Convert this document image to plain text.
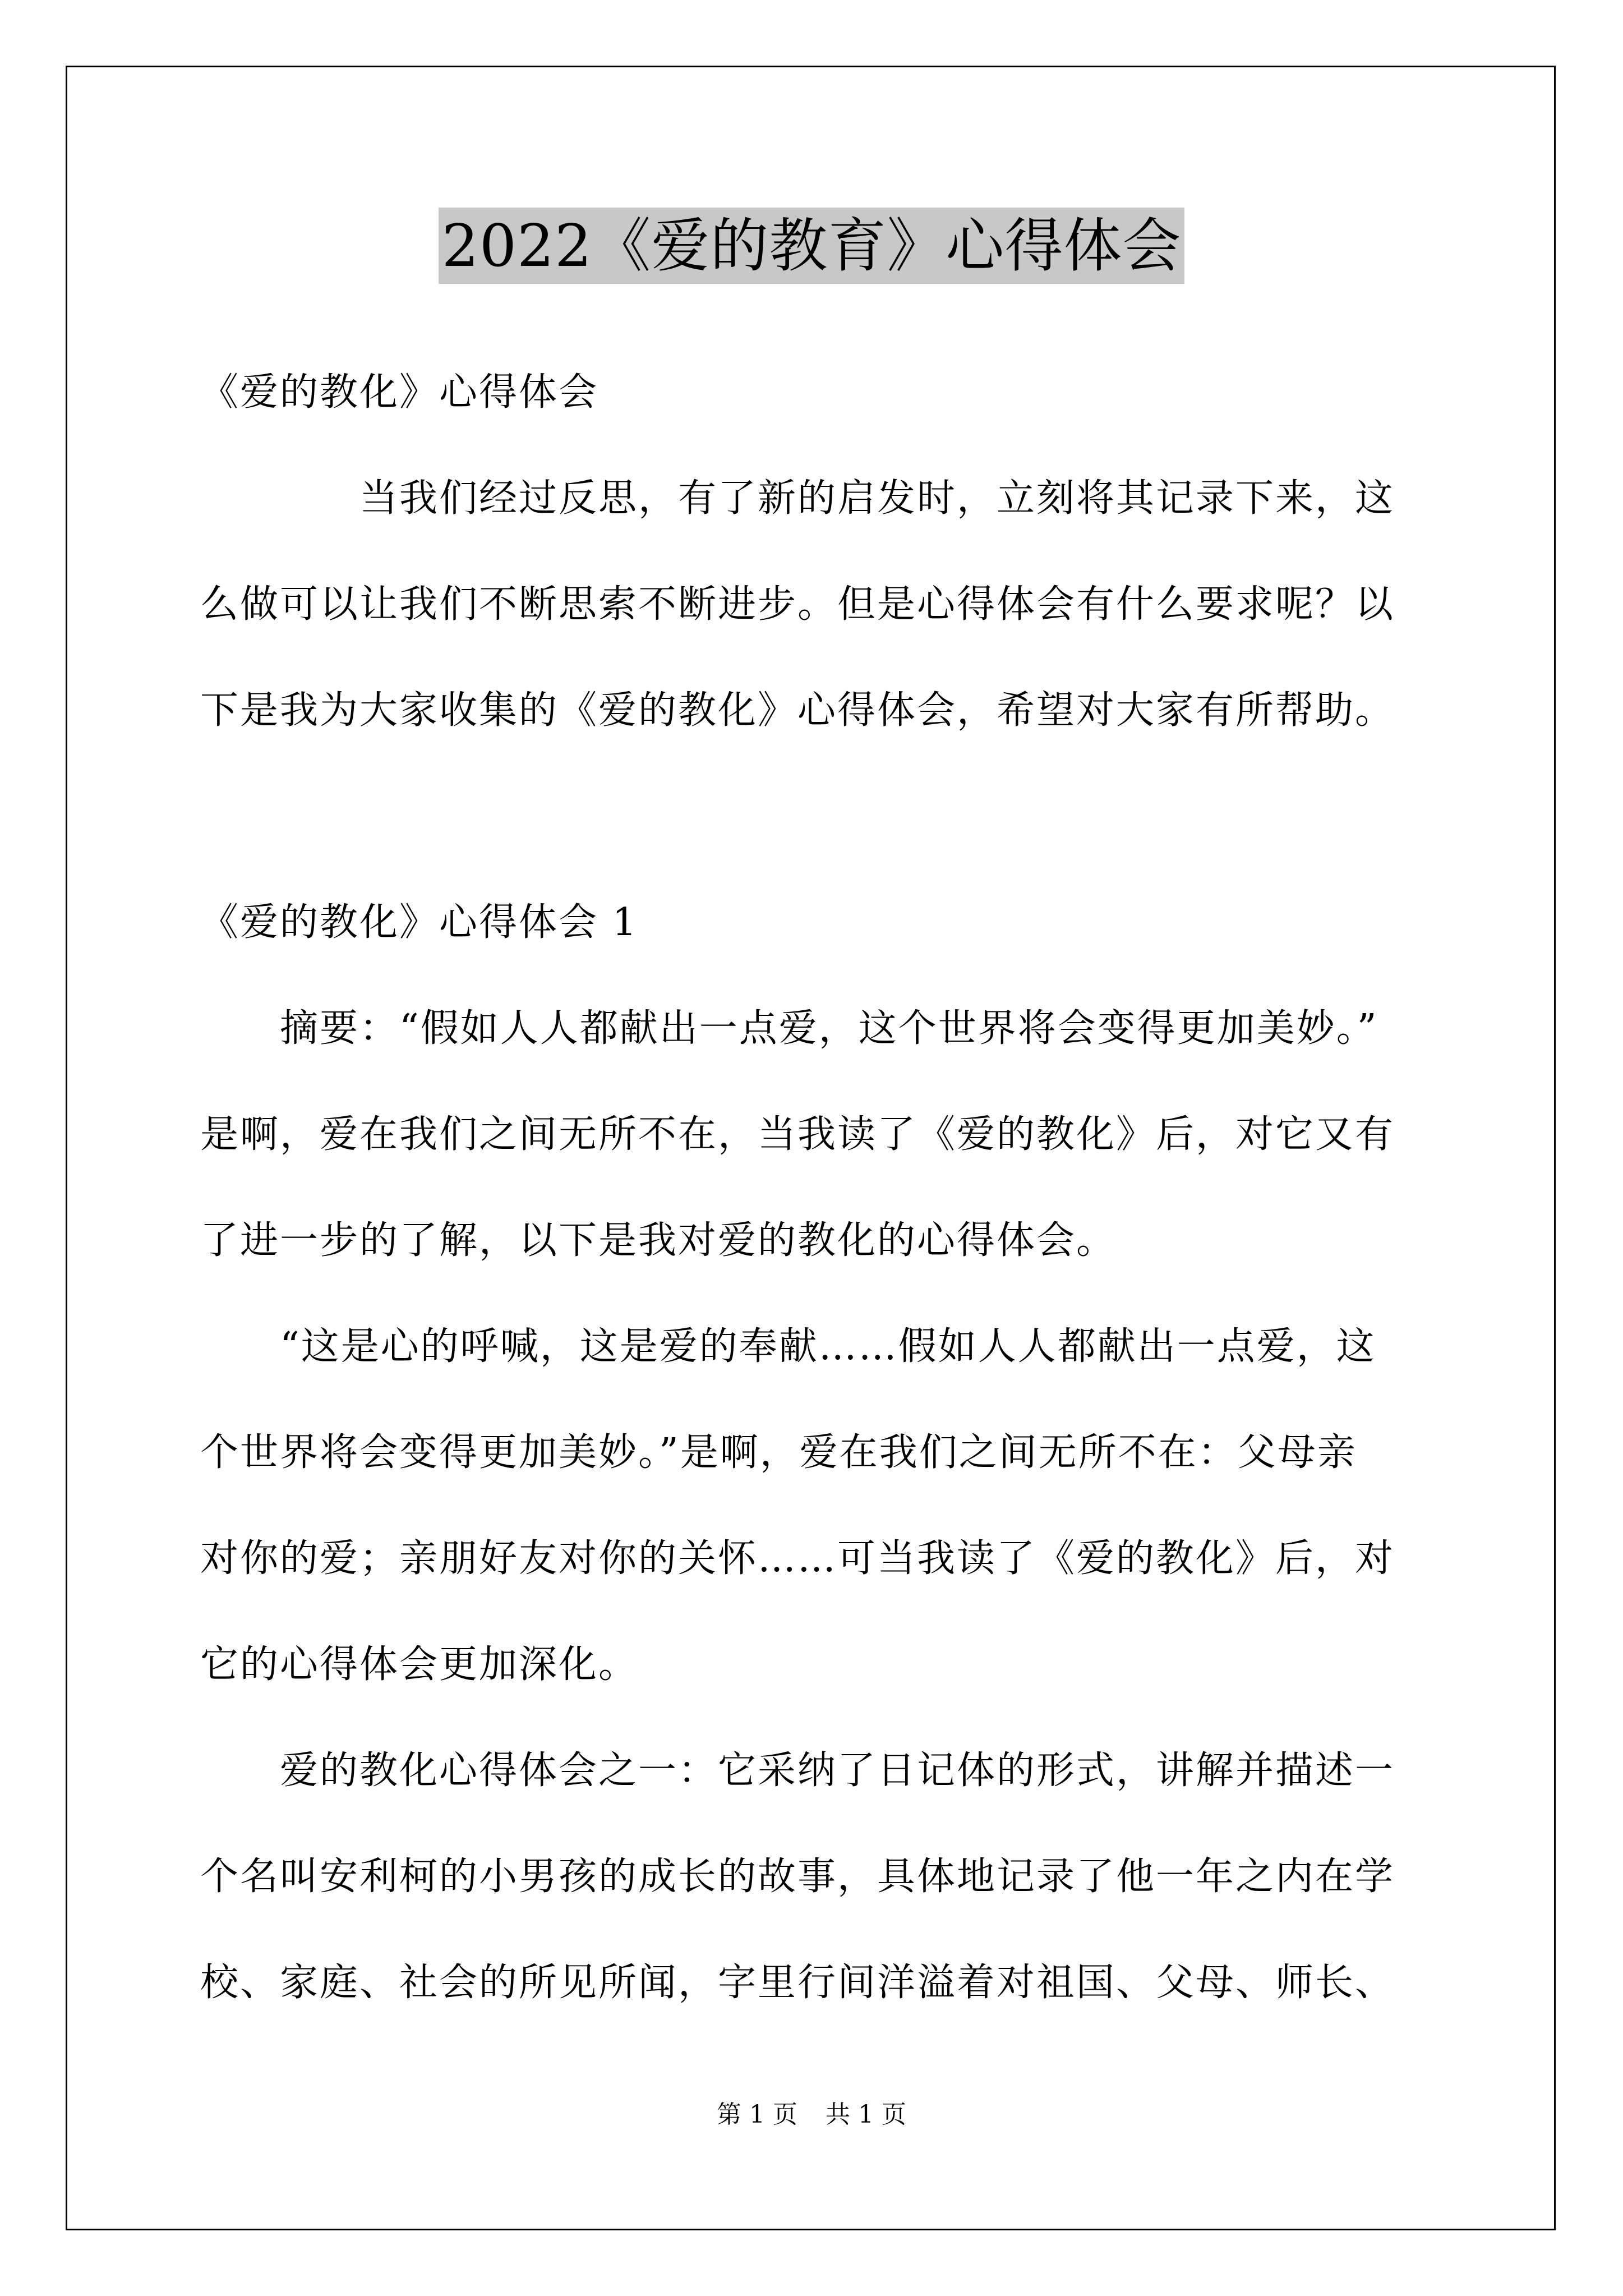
2022《爱的教育》心得体会
《爱的教化》心得体会
　　　　当我们经过反思，有了新的启发时，立刻将其记录下来，这
么做可以让我们不断思索不断进步。但是心得体会有什么要求呢？以
下是我为大家收集的《爱的教化》心得体会，希望对大家有所帮助。
《爱的教化》心得体会 1
　　摘要：“假如人人都献出一点爱，这个世界将会变得更加美妙。”
是啊，爱在我们之间无所不在，当我读了《爱的教化》后，对它又有
了进一步的了解，以下是我对爱的教化的心得体会。
　　“这是心的呼喊，这是爱的奉献……假如人人都献出一点爱，这
个世界将会变得更加美妙。”是啊，爱在我们之间无所不在：父母亲
对你的爱；亲朋好友对你的关怀……可当我读了《爱的教化》后，对
它的心得体会更加深化。
　　爱的教化心得体会之一：它采纳了日记体的形式，讲解并描述一
个名叫安利柯的小男孩的成长的故事，具体地记录了他一年之内在学
校、家庭、社会的所见所闻，字里行间洋溢着对祖国、父母、师长、
第 1 页 共 1 页
